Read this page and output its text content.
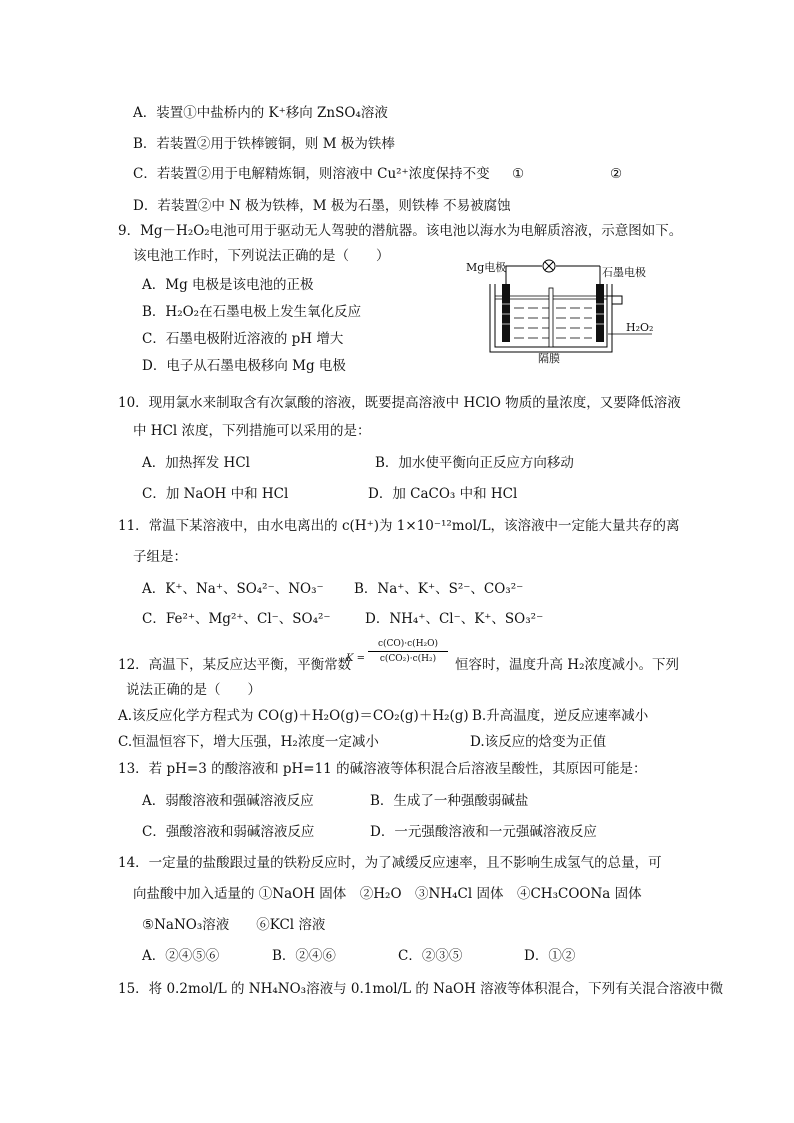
A．装置①中盐桥内的 K⁺移向 ZnSO₄溶液
B．若装置②用于铁棒镀铜，则 M 极为铁棒
C．若装置②用于电解精炼铜，则溶液中 Cu²⁺浓度保持不变 ①	②
D．若装置②中 N 极为铁棒，M 极为石墨，则铁棒 不易被腐蚀
9．Mg－H₂O₂电池可用于驱动无人驾驶的潜航器。该电池以海水为电解质溶液，示意图如下。
该电池工作时，下列说法正确的是（　　）
A．Mg 电极是该电池的正极
B．H₂O₂在石墨电极上发生氧化反应
C．石墨电极附近溶液的 pH 增大
D．电子从石墨电极移向 Mg 电极
Mg电极	石墨电极
H₂O₂
隔膜
10．现用氯水来制取含有次氯酸的溶液，既要提高溶液中 HClO 物质的量浓度，又要降低溶液
中 HCl 浓度，下列措施可以采用的是：
A．加热挥发 HCl	B．加水使平衡向正反应方向移动
C．加 NaOH 中和 HCl	D．加 CaCO₃ 中和 HCl
11．常温下某溶液中，由水电离出的 c(H⁺)为 1×10⁻¹²mol/L，该溶液中一定能大量共存的离
子组是：
A．K⁺、Na⁺、SO₄²⁻、NO₃⁻ B．Na⁺、K⁺、S²⁻、CO₃²⁻
C．Fe²⁺、Mg²⁺、Cl⁻、SO₄²⁻	D．NH₄⁺、Cl⁻、K⁺、SO₃²⁻
12．高温下，某反应达平衡，平衡常数
K =
c(CO)·c(H₂O)
c(CO₂)·c(H₂)	恒容时，温度升高 H₂浓度减小。下列
说法正确的是（　　）
A.该反应化学方程式为 CO(g)＋H₂O(g)＝CO₂(g)＋H₂(g) B.升高温度，逆反应速率减小
C.恒温恒容下，增大压强，H₂浓度一定减小	D.该反应的焓变为正值
13．若 pH=3 的酸溶液和 pH=11 的碱溶液等体积混合后溶液呈酸性，其原因可能是：
A．弱酸溶液和强碱溶液反应	B．生成了一种强酸弱碱盐
C．强酸溶液和弱碱溶液反应	D．一元强酸溶液和一元强碱溶液反应
14．一定量的盐酸跟过量的铁粉反应时，为了减缓反应速率，且不影响生成氢气的总量，可
向盐酸中加入适量的 ①NaOH 固体　②H₂O　③NH₄Cl 固体　④CH₃COONa 固体
⑤NaNO₃溶液　　⑥KCl 溶液
A．②④⑤⑥	B．②④⑥	C．②③⑤	D．①②
15．将 0.2mol/L 的 NH₄NO₃溶液与 0.1mol/L 的 NaOH 溶液等体积混合，下列有关混合溶液中微
